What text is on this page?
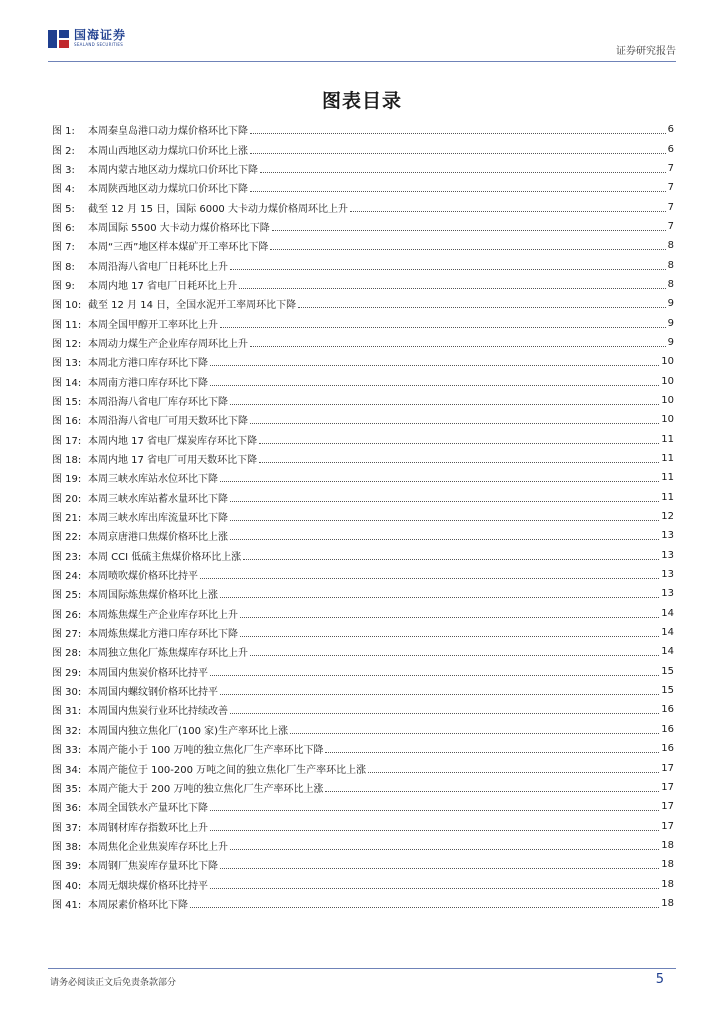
国海证券
SEALAND SECURITIES
证券研究报告
图表目录
图 1:	本周秦皇岛港口动力煤价格环比下降	6
图 2:	本周山西地区动力煤坑口价环比上涨	6
图 3:	本周内蒙古地区动力煤坑口价环比下降	7
图 4:	本周陕西地区动力煤坑口价环比下降	7
图 5:	截至 12 月 15 日，国际 6000 大卡动力煤价格周环比上升	7
图 6:	本周国际 5500 大卡动力煤价格环比下降	7
图 7:	本周“三西”地区样本煤矿开工率环比下降	8
图 8:	本周沿海八省电厂日耗环比上升	8
图 9:	本周内地 17 省电厂日耗环比上升	8
图 10: 截至 12 月 14 日，全国水泥开工率周环比下降	9
图 11: 本周全国甲醇开工率环比上升	9
图 12: 本周动力煤生产企业库存周环比上升	9
图 13: 本周北方港口库存环比下降	10
图 14: 本周南方港口库存环比下降	10
图 15: 本周沿海八省电厂库存环比下降	10
图 16: 本周沿海八省电厂可用天数环比下降	10
图 17: 本周内地 17 省电厂煤炭库存环比下降	11
图 18: 本周内地 17 省电厂可用天数环比下降	11
图 19: 本周三峡水库站水位环比下降	11
图 20: 本周三峡水库站蓄水量环比下降	11
图 21: 本周三峡水库出库流量环比下降	12
图 22: 本周京唐港口焦煤价格环比上涨	13
图 23: 本周 CCI 低硫主焦煤价格环比上涨	13
图 24: 本周喷吹煤价格环比持平	13
图 25: 本周国际炼焦煤价格环比上涨	13
图 26: 本周炼焦煤生产企业库存环比上升	14
图 27: 本周炼焦煤北方港口库存环比下降	14
图 28: 本周独立焦化厂炼焦煤库存环比上升	14
图 29: 本周国内焦炭价格环比持平	15
图 30: 本周国内螺纹钢价格环比持平	15
图 31: 本周国内焦炭行业环比持续改善	16
图 32: 本周国内独立焦化厂(100 家)生产率环比上涨	16
图 33: 本周产能小于 100 万吨的独立焦化厂生产率环比下降	16
图 34: 本周产能位于 100-200 万吨之间的独立焦化厂生产率环比上涨	17
图 35: 本周产能大于 200 万吨的独立焦化厂生产率环比上涨	17
图 36: 本周全国铁水产量环比下降	17
图 37: 本周钢材库存指数环比上升	17
图 38: 本周焦化企业焦炭库存环比上升	18
图 39: 本周钢厂焦炭库存量环比下降	18
图 40: 本周无烟块煤价格环比持平	18
图 41: 本周尿素价格环比下降	18
请务必阅读正文后免责条款部分	5
